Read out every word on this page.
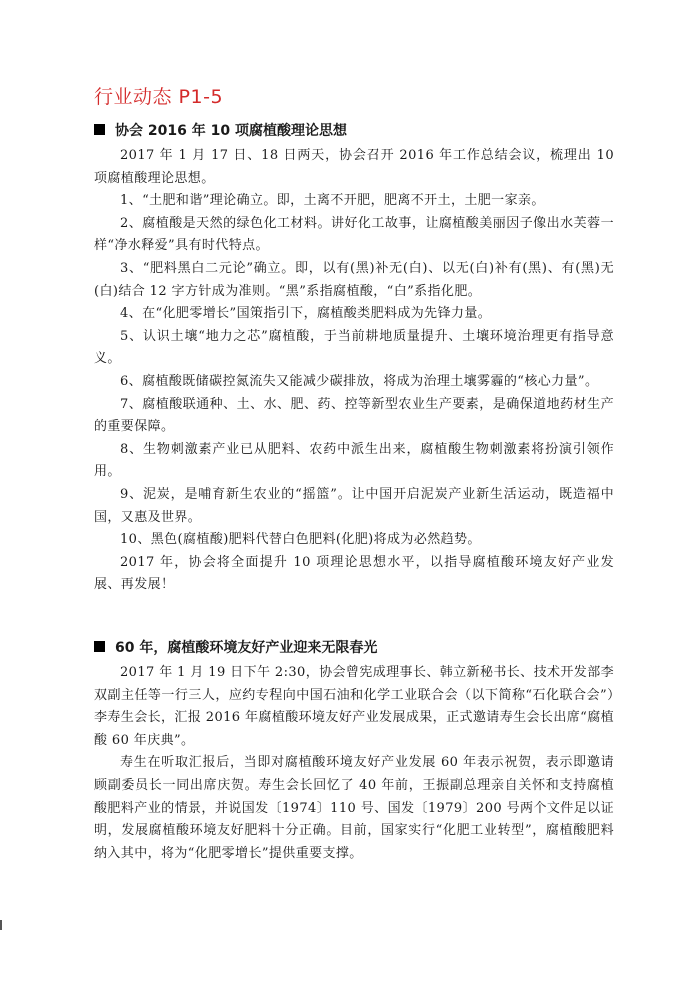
行业动态 P1-5
协会 2016 年 10 项腐植酸理论思想

2017 年 1 月 17 日、18 日两天，协会召开 2016 年工作总结会议，梳理出 10 项腐植酸理论思想。

1、“土肥和谐”理论确立。即，土离不开肥，肥离不开土，土肥一家亲。

2、腐植酸是天然的绿色化工材料。讲好化工故事，让腐植酸美丽因子像出水芙蓉一样“净水释爱”具有时代特点。

3、“肥料黑白二元论”确立。即，以有(黑)补无(白)、以无(白)补有(黑)、有(黑)无(白)结合 12 字方针成为准则。“黑”系指腐植酸，“白”系指化肥。

4、在“化肥零增长”国策指引下，腐植酸类肥料成为先锋力量。

5、认识土壤“地力之芯”腐植酸，于当前耕地质量提升、土壤环境治理更有指导意义。

6、腐植酸既储碳控氮流失又能减少碳排放，将成为治理土壤雾霾的“核心力量”。

7、腐植酸联通种、土、水、肥、药、控等新型农业生产要素，是确保道地药材生产的重要保障。

8、生物刺激素产业已从肥料、农药中派生出来，腐植酸生物刺激素将扮演引领作用。

9、泥炭，是哺育新生农业的“摇篮”。让中国开启泥炭产业新生活运动，既造福中国，又惠及世界。

10、黑色(腐植酸)肥料代替白色肥料(化肥)将成为必然趋势。

2017 年，协会将全面提升 10 项理论思想水平，以指导腐植酸环境友好产业发展、再发展！

60 年，腐植酸环境友好产业迎来无限春光

2017 年 1 月 19 日下午 2:30，协会曾宪成理事长、韩立新秘书长、技术开发部李双副主任等一行三人，应约专程向中国石油和化学工业联合会（以下简称“石化联合会”）李寿生会长，汇报 2016 年腐植酸环境友好产业发展成果，正式邀请寿生会长出席“腐植酸 60 年庆典”。

寿生在听取汇报后，当即对腐植酸环境友好产业发展 60 年表示祝贺，表示即邀请顾副委员长一同出席庆贺。寿生会长回忆了 40 年前，王振副总理亲自关怀和支持腐植酸肥料产业的情景，并说国发〔1974〕110 号、国发〔1979〕200 号两个文件足以证明，发展腐植酸环境友好肥料十分正确。目前，国家实行“化肥工业转型”，腐植酸肥料纳入其中，将为“化肥零增长”提供重要支撑。
